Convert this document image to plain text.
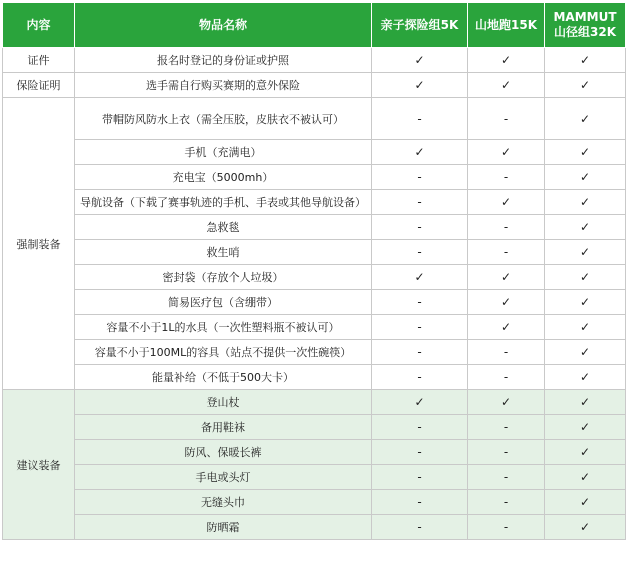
内容	物品名称	亲子探险组5K	山地跑15K	MAMMUT
山径组32K
证件	报名时登记的身份证或护照	✓	✓	✓
保险证明	选手需自行购买赛期的意外保险	✓	✓	✓
强制装备	带帽防风防水上衣（需全压胶，皮肤衣不被认可）	-	-	✓
	手机（充满电）	✓	✓	✓
	充电宝（5000mh）	-	-	✓
	导航设备（下载了赛事轨迹的手机、手表或其他导航设备）	-	✓	✓
	急救毯	-	-	✓
	救生哨	-	-	✓
	密封袋（存放个人垃圾）	✓	✓	✓
	简易医疗包（含绷带）	-	✓	✓
	容量不小于1L的水具（一次性塑料瓶不被认可）	-	✓	✓
	容量不小于100ML的容具（站点不提供一次性碗筷）	-	-	✓
	能量补给（不低于500大卡）	-	-	✓
建议装备	登山杖	✓	✓	✓
	备用鞋袜	-	-	✓
	防风、保暖长裤	-	-	✓
	手电或头灯	-	-	✓
	无缝头巾	-	-	✓
	防晒霜	-	-	✓
